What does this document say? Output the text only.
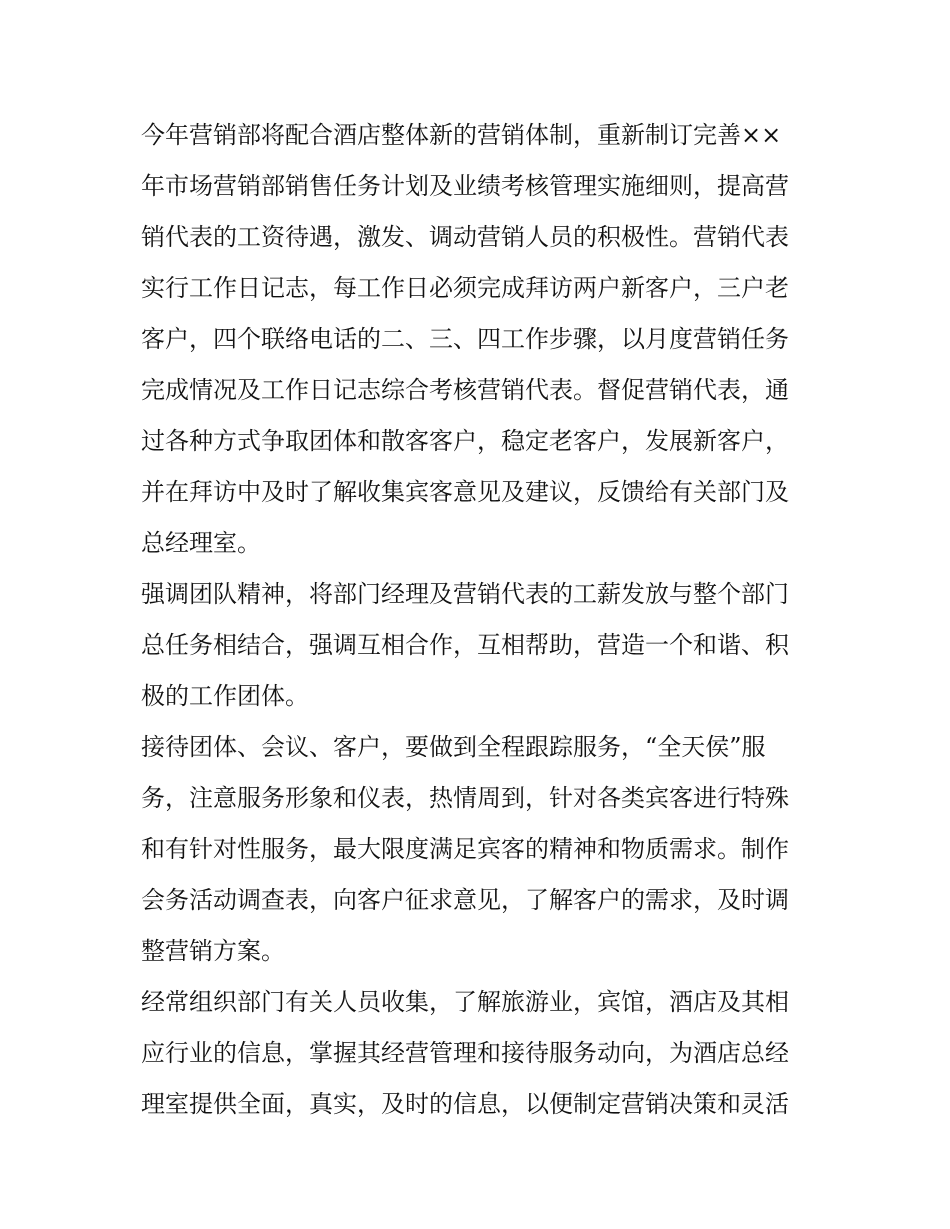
今年营销部将配合酒店整体新的营销体制，重新制订完善××
年市场营销部销售任务计划及业绩考核管理实施细则，提高营
销代表的工资待遇，激发、调动营销人员的积极性。营销代表
实行工作日记志，每工作日必须完成拜访两户新客户，三户老
客户，四个联络电话的二、三、四工作步骤，以月度营销任务
完成情况及工作日记志综合考核营销代表。督促营销代表，通
过各种方式争取团体和散客客户，稳定老客户，发展新客户，
并在拜访中及时了解收集宾客意见及建议，反馈给有关部门及
总经理室。
强调团队精神，将部门经理及营销代表的工薪发放与整个部门
总任务相结合，强调互相合作，互相帮助，营造一个和谐、积
极的工作团体。
接待团体、会议、客户，要做到全程跟踪服务，“全天侯”服
务，注意服务形象和仪表，热情周到，针对各类宾客进行特殊
和有针对性服务，最大限度满足宾客的精神和物质需求。制作
会务活动调查表，向客户征求意见，了解客户的需求，及时调
整营销方案。
经常组织部门有关人员收集，了解旅游业，宾馆，酒店及其相
应行业的信息，掌握其经营管理和接待服务动向，为酒店总经
理室提供全面，真实，及时的信息，以便制定营销决策和灵活
